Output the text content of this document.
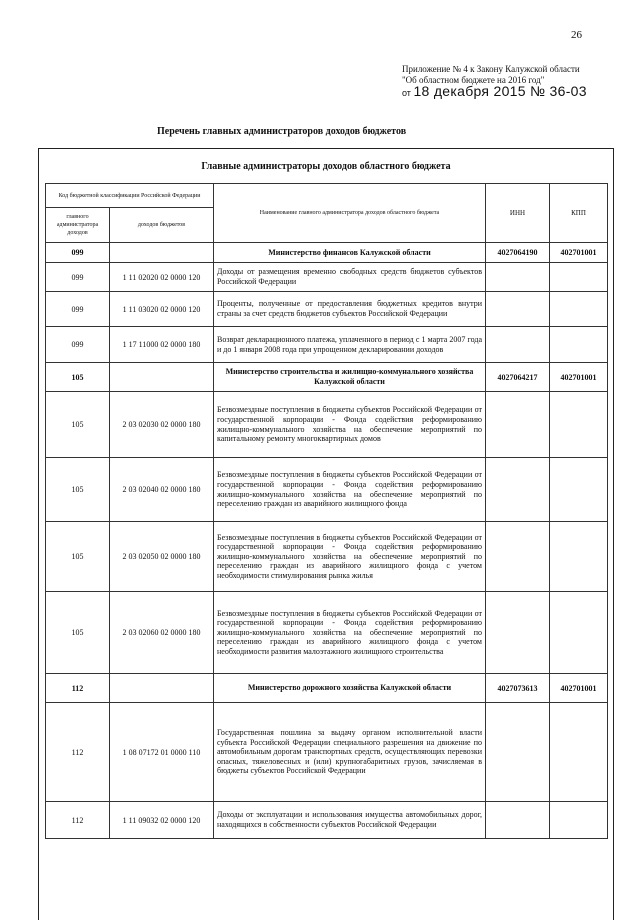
26
Приложение № 4 к Закону Калужской области
"Об областном бюджете на 2016 год"
от 18 декабря 2015 № 36-03
Перечень главных администраторов доходов бюджетов
Главные администраторы доходов областного бюджета
Код бюджетной классификации Российской Федерации		Наименование главного администратора доходов областного бюджета	ИНН	КПП
главного администратора доходов	доходов бюджетов			
099		Министерство финансов Калужской области	4027064190	402701001
099	1 11 02020 02 0000 120	Доходы от размещения временно свободных средств бюджетов субъектов Российской Федерации		
099	1 11 03020 02 0000 120	Проценты, полученные от предоставления бюджетных кредитов внутри страны за счет средств бюджетов субъектов Российской Федерации		
099	1 17 11000 02 0000 180	Возврат декларационного платежа, уплаченного в период с 1 марта 2007 года и до 1 января 2008 года при упрощенном декларировании доходов		
105		Министерство строительства и жилищно-коммунального хозяйства Калужской области	4027064217	402701001
105	2 03 02030 02 0000 180	Безвозмездные поступления в бюджеты субъектов Российской Федерации от государственной корпорации - Фонда содействия реформированию жилищно-коммунального хозяйства на обеспечение мероприятий по капитальному ремонту многоквартирных домов		
105	2 03 02040 02 0000 180	Безвозмездные поступления в бюджеты субъектов Российской Федерации от государственной корпорации - Фонда содействия реформированию жилищно-коммунального хозяйства на обеспечение мероприятий по переселению граждан из аварийного жилищного фонда		
105	2 03 02050 02 0000 180	Безвозмездные поступления в бюджеты субъектов Российской Федерации от государственной корпорации - Фонда содействия реформированию жилищно-коммунального хозяйства на обеспечение мероприятий по переселению граждан из аварийного жилищного фонда с учетом необходимости стимулирования рынка жилья		
105	2 03 02060 02 0000 180	Безвозмездные поступления в бюджеты субъектов Российской Федерации от государственной корпорации - Фонда содействия реформированию жилищно-коммунального хозяйства на обеспечение мероприятий по переселению граждан из аварийного жилищного фонда с учетом необходимости развития малоэтажного жилищного строительства		
112		Министерство дорожного хозяйства Калужской области	4027073613	402701001
112	1 08 07172 01 0000 110	Государственная пошлина за выдачу органом исполнительной власти субъекта Российской Федерации специального разрешения на движение по автомобильным дорогам транспортных средств, осуществляющих перевозки опасных, тяжеловесных и (или) крупногабаритных грузов, зачисляемая в бюджеты субъектов Российской Федерации		
112	1 11 09032 02 0000 120	Доходы от эксплуатации и использования имущества автомобильных дорог, находящихся в собственности субъектов Российской Федерации		
